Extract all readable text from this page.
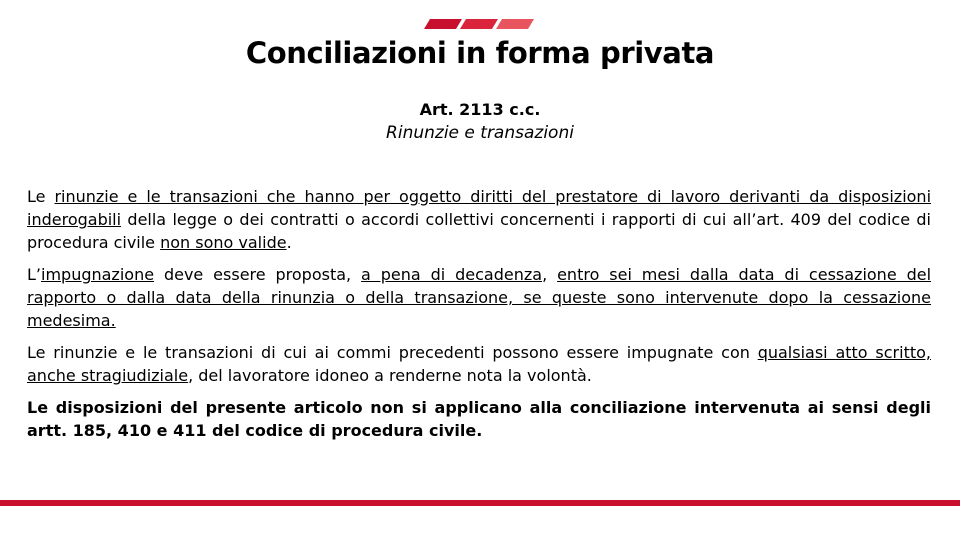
Conciliazioni in forma privata
Art. 2113 c.c.
Rinunzie e transazioni

Le rinunzie e le transazioni che hanno per oggetto diritti del prestatore di lavoro derivanti da disposizioni inderogabili della legge o dei contratti o accordi collettivi concernenti i rapporti di cui all’art. 409 del codice di procedura civile non sono valide.

L’impugnazione deve essere proposta, a pena di decadenza, entro sei mesi dalla data di cessazione del rapporto o dalla data della rinunzia o della transazione, se queste sono intervenute dopo la cessazione medesima.

Le rinunzie e le transazioni di cui ai commi precedenti possono essere impugnate con qualsiasi atto scritto, anche stragiudiziale, del lavoratore idoneo a renderne nota la volontà.

Le disposizioni del presente articolo non si applicano alla conciliazione intervenuta ai sensi degli artt. 185, 410 e 411 del codice di procedura civile.
